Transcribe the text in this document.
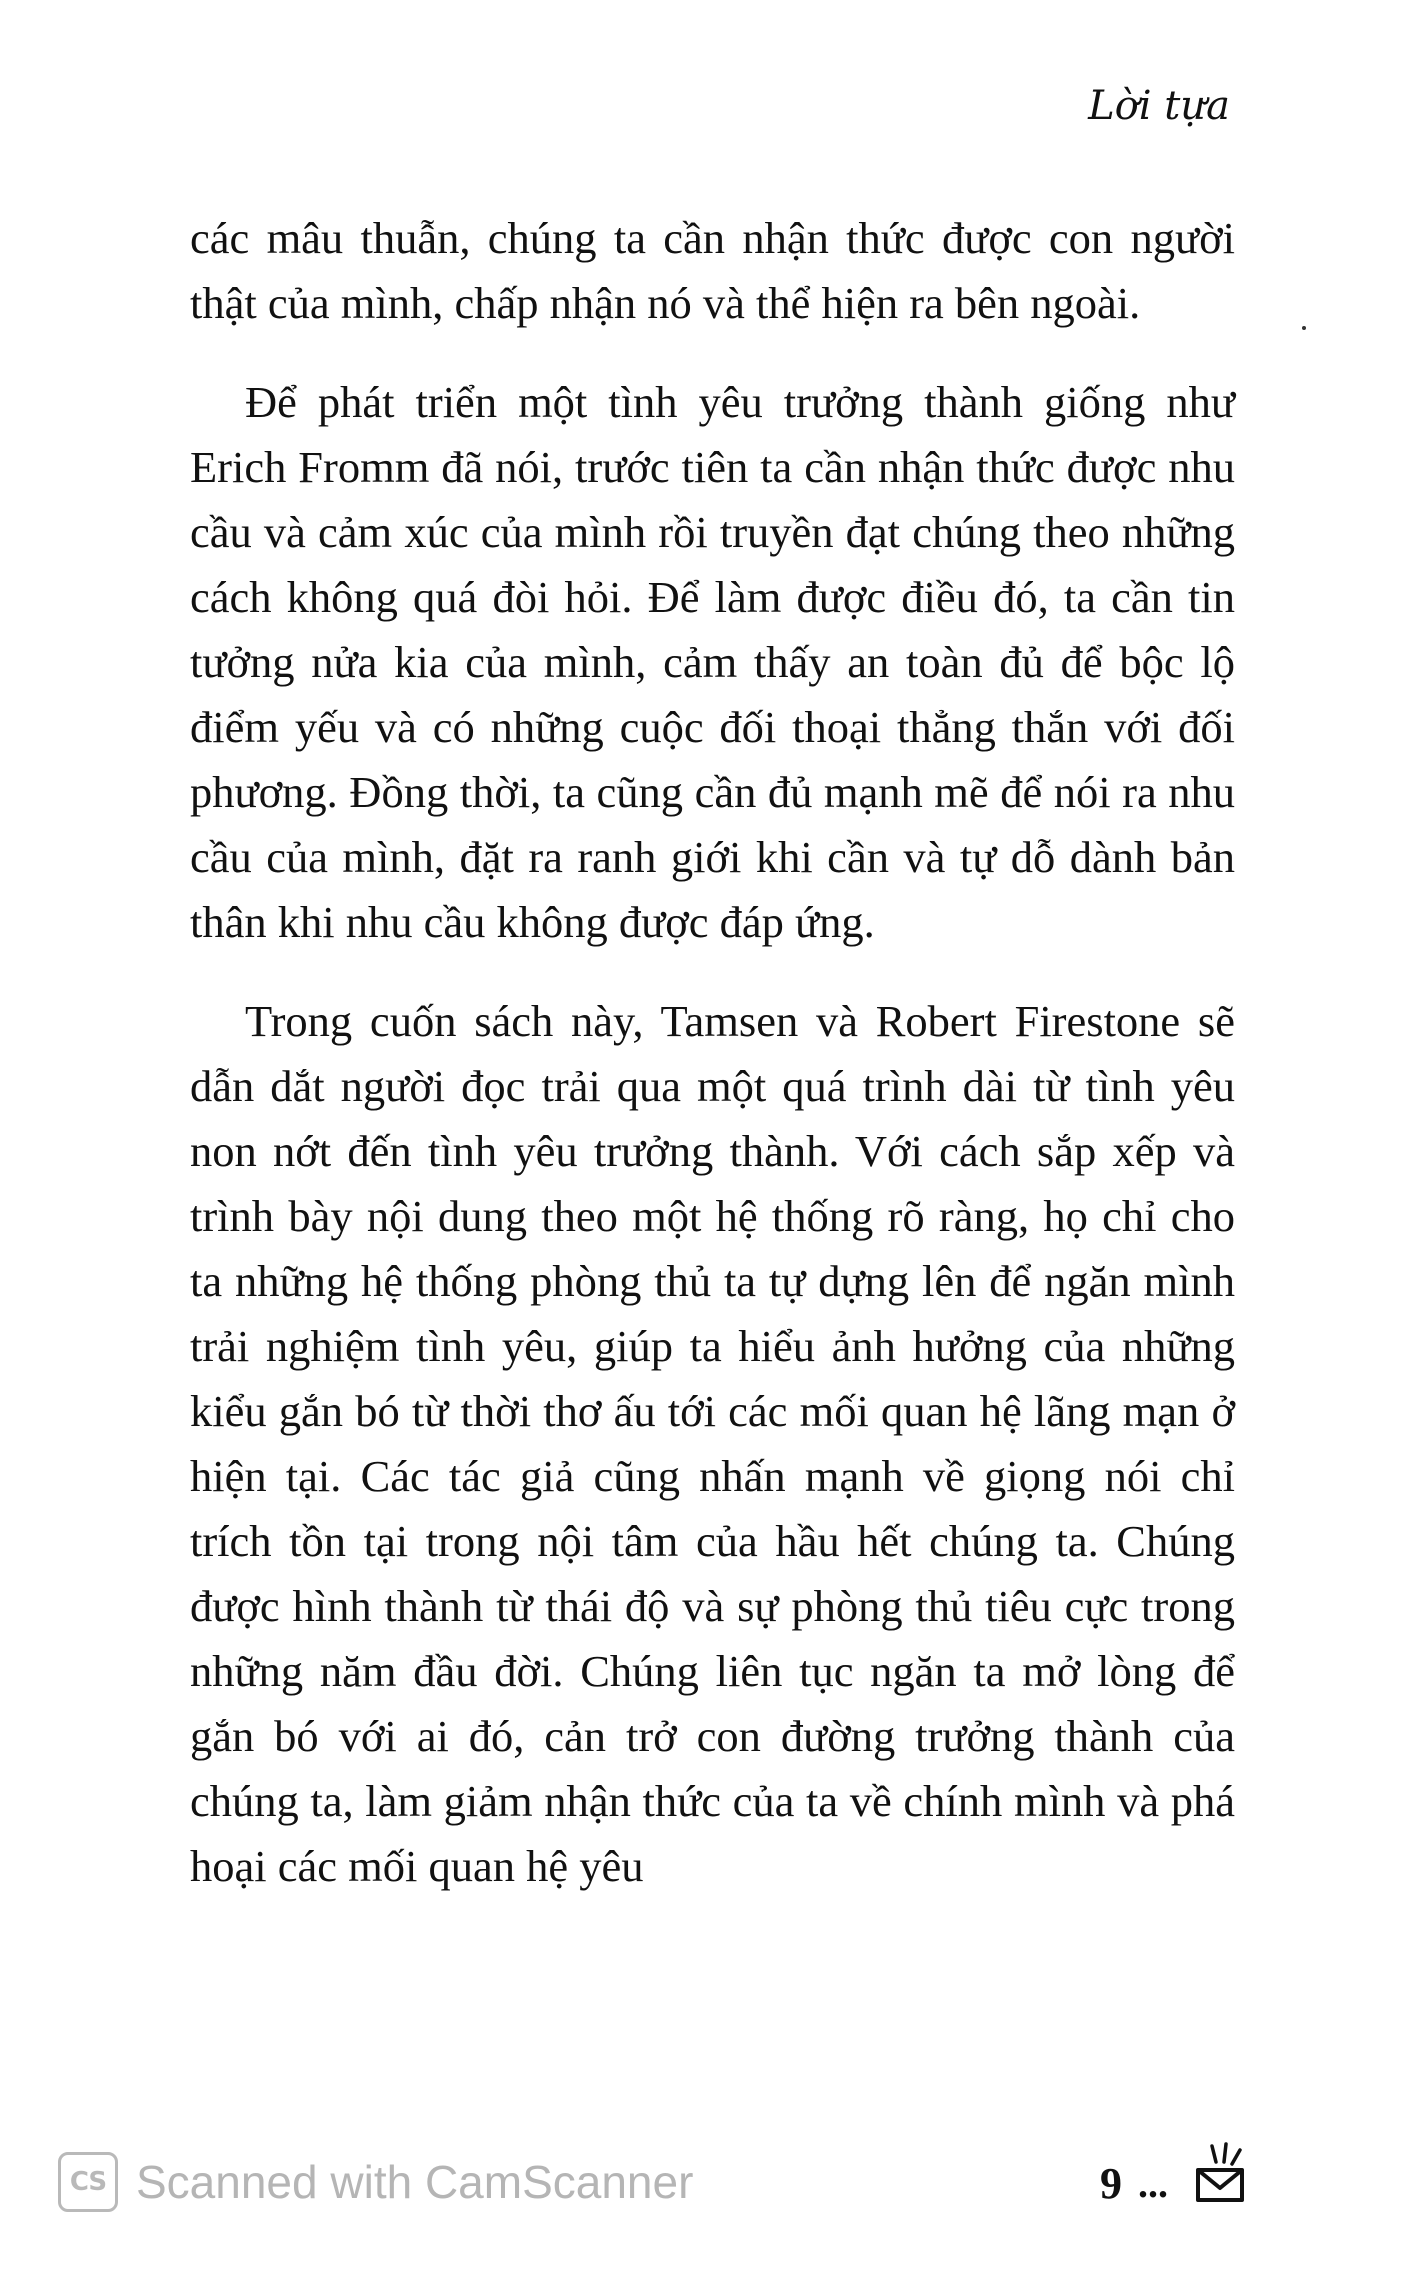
Lời tựa

các mâu thuẫn, chúng ta cần nhận thức được con người thật của mình, chấp nhận nó và thể hiện ra bên ngoài.

Để phát triển một tình yêu trưởng thành giống như Erich Fromm đã nói, trước tiên ta cần nhận thức được nhu cầu và cảm xúc của mình rồi truyền đạt chúng theo những cách không quá đòi hỏi. Để làm được điều đó, ta cần tin tưởng nửa kia của mình, cảm thấy an toàn đủ để bộc lộ điểm yếu và có những cuộc đối thoại thẳng thắn với đối phương. Đồng thời, ta cũng cần đủ mạnh mẽ để nói ra nhu cầu của mình, đặt ra ranh giới khi cần và tự dỗ dành bản thân khi nhu cầu không được đáp ứng.

Trong cuốn sách này, Tamsen và Robert Firestone sẽ dẫn dắt người đọc trải qua một quá trình dài từ tình yêu non nớt đến tình yêu trưởng thành. Với cách sắp xếp và trình bày nội dung theo một hệ thống rõ ràng, họ chỉ cho ta những hệ thống phòng thủ ta tự dựng lên để ngăn mình trải nghiệm tình yêu, giúp ta hiểu ảnh hưởng của những kiểu gắn bó từ thời thơ ấu tới các mối quan hệ lãng mạn ở hiện tại. Các tác giả cũng nhấn mạnh về giọng nói chỉ trích tồn tại trong nội tâm của hầu hết chúng ta. Chúng được hình thành từ thái độ và sự phòng thủ tiêu cực trong những năm đầu đời. Chúng liên tục ngăn ta mở lòng để gắn bó với ai đó, cản trở con đường trưởng thành của chúng ta, làm giảm nhận thức của ta về chính mình và phá hoại các mối quan hệ yêu

CS Scanned with CamScanner	9 ...
